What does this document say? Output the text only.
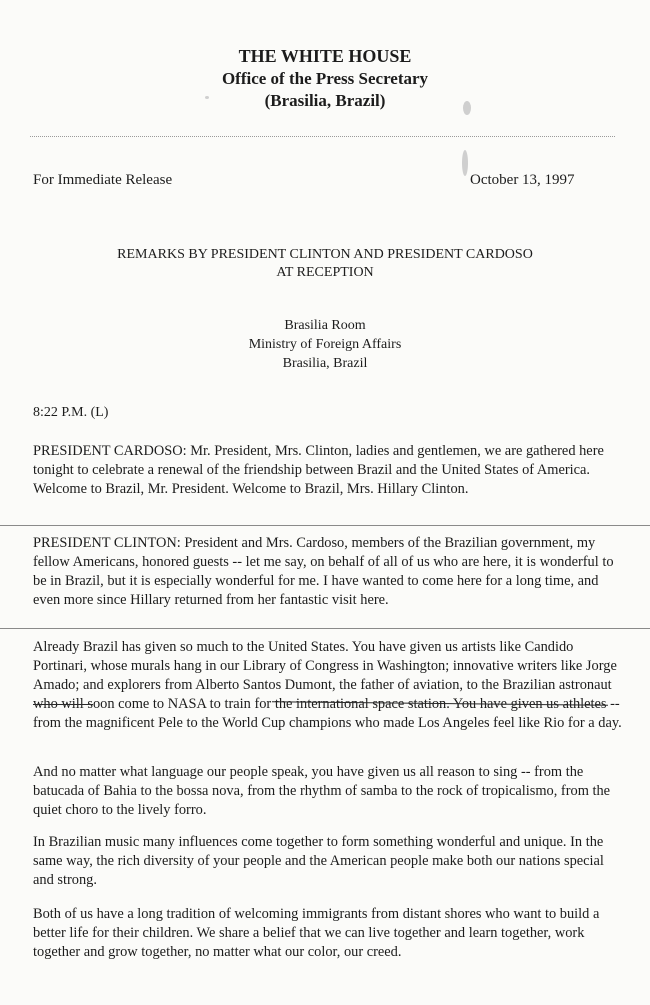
THE WHITE HOUSE
Office of the Press Secretary
(Brasilia, Brazil)
For Immediate Release	October 13, 1997
REMARKS BY PRESIDENT CLINTON AND PRESIDENT CARDOSO
AT RECEPTION
Brasilia Room
Ministry of Foreign Affairs
Brasilia, Brazil
8:22 P.M. (L)

PRESIDENT CARDOSO: Mr. President, Mrs. Clinton, ladies and gentlemen, we are gathered here tonight to celebrate a renewal of the friendship between Brazil and the United States of America. Welcome to Brazil, Mr. President. Welcome to Brazil, Mrs. Hillary Clinton.

PRESIDENT CLINTON: President and Mrs. Cardoso, members of the Brazilian government, my fellow Americans, honored guests -- let me say, on behalf of all of us who are here, it is wonderful to be in Brazil, but it is especially wonderful for me. I have wanted to come here for a long time, and even more since Hillary returned from her fantastic visit here.

Already Brazil has given so much to the United States. You have given us artists like Candido Portinari, whose murals hang in our Library of Congress in Washington; innovative writers like Jorge Amado; and explorers from Alberto Santos Dumont, the father of aviation, to the Brazilian astronaut who will soon come to NASA to train for the international space station. You have given us athletes -- from the magnificent Pele to the World Cup champions who made Los Angeles feel like Rio for a day.

And no matter what language our people speak, you have given us all reason to sing -- from the batucada of Bahia to the bossa nova, from the rhythm of samba to the rock of tropicalismo, from the quiet choro to the lively forro.

In Brazilian music many influences come together to form something wonderful and unique. In the same way, the rich diversity of your people and the American people make both our nations special and strong.

Both of us have a long tradition of welcoming immigrants from distant shores who want to build a better life for their children. We share a belief that we can live together and learn together, work together and grow together, no matter what our color, our creed.
